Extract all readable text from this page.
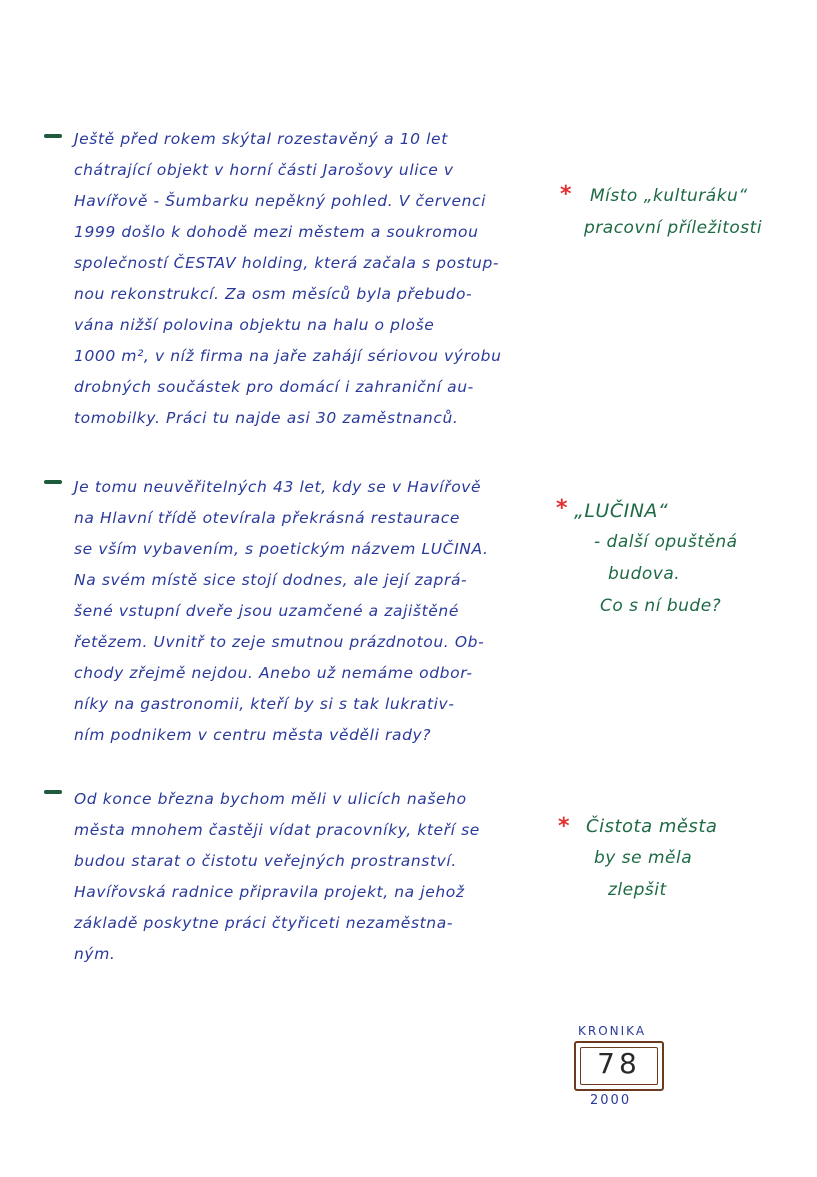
Ještě před rokem skýtal rozestavěný a 10 let
chátrající objekt v horní části Jarošovy ulice v
Havířově - Šumbarku nepěkný pohled. V červenci
1999 došlo k dohodě mezi městem a soukromou
společností ČESTAV holding, která začala s postup-
nou rekonstrukcí. Za osm měsíců byla přebudo-
vána nižší polovina objektu na halu o ploše
1000 m², v níž firma na jaře zahájí sériovou výrobu
drobných součástek pro domácí i zahraniční au-
tomobilky. Práci tu najde asi 30 zaměstnanců.
Je tomu neuvěřitelných 43 let, kdy se v Havířově
na Hlavní třídě otevírala překrásná restaurace
se vším vybavením, s poetickým názvem LUČINA.
Na svém místě sice stojí dodnes, ale její zaprá-
šené vstupní dveře jsou uzamčené a zajištěné
řetězem. Uvnitř to zeje smutnou prázdnotou. Ob-
chody zřejmě nejdou. Anebo už nemáme odbor-
níky na gastronomii, kteří by si s tak lukrativ-
ním podnikem v centru města věděli rady?
Od konce března bychom měli v ulicích našeho
města mnohem častěji vídat pracovníky, kteří se
budou starat o čistotu veřejných prostranství.
Havířovská radnice připravila projekt, na jehož
základě poskytne práci čtyřiceti nezaměstna-
ným.
* Místo „kulturáku“
pracovní příležitosti
* „LUČINA“
- další opuštěná
budova.
Co s ní bude?
* Čistota města
by se měla
zlepšit
KRONIKA
78
2000
